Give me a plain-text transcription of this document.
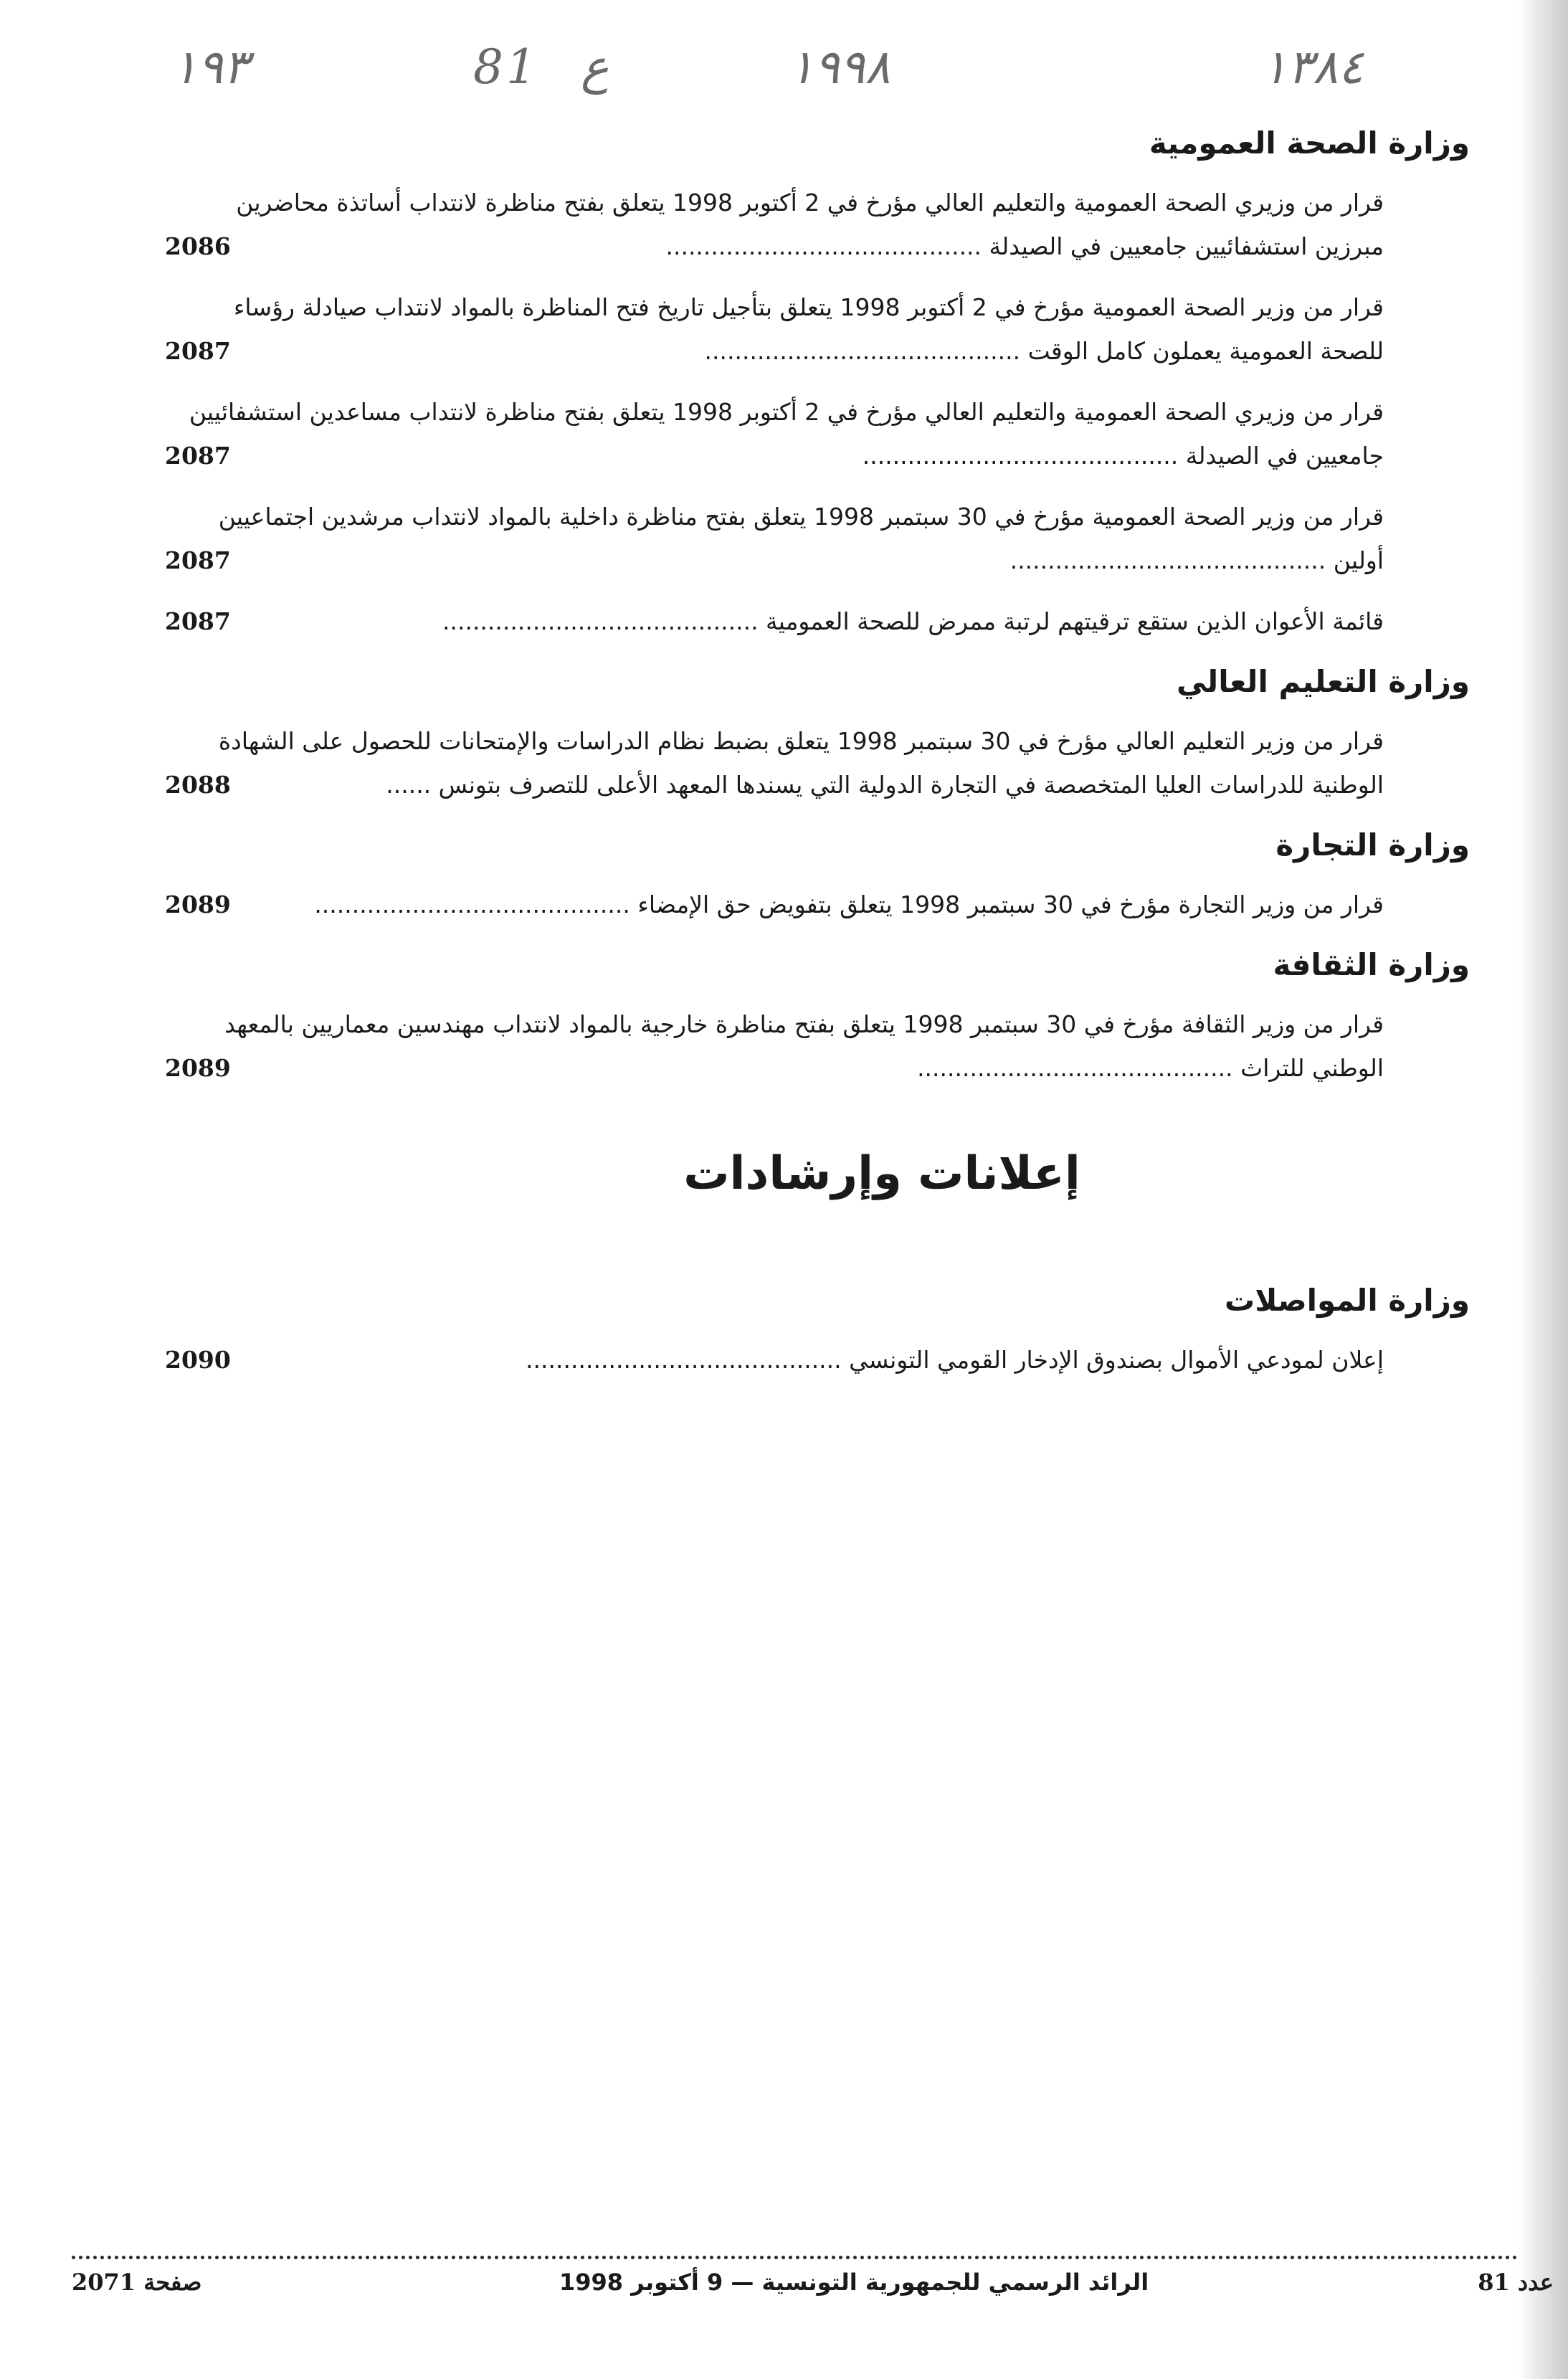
١٩٣	81 ع	١٩٩٨	١٣٨٤
وزارة الصحة العمومية
قرار من وزيري الصحة العمومية والتعليم العالي مؤرخ في 2 أكتوبر 1998 يتعلق بفتح مناظرة لانتداب أساتذة محاضرين مبرزين استشفائيين جامعيين في الصيدلة ..........................................
2086
قرار من وزير الصحة العمومية مؤرخ في 2 أكتوبر 1998 يتعلق بتأجيل تاريخ فتح المناظرة بالمواد لانتداب صيادلة رؤساء للصحة العمومية يعملون كامل الوقت ..........................................
2087
قرار من وزيري الصحة العمومية والتعليم العالي مؤرخ في 2 أكتوبر 1998 يتعلق بفتح مناظرة لانتداب مساعدين استشفائيين جامعيين في الصيدلة ..........................................
2087
قرار من وزير الصحة العمومية مؤرخ في 30 سبتمبر 1998 يتعلق بفتح مناظرة داخلية بالمواد لانتداب مرشدين اجتماعيين أولين ..........................................
2087
قائمة الأعوان الذين ستقع ترقيتهم لرتبة ممرض للصحة العمومية ..........................................
2087
وزارة التعليم العالي
قرار من وزير التعليم العالي مؤرخ في 30 سبتمبر 1998 يتعلق بضبط نظام الدراسات والإمتحانات للحصول على الشهادة الوطنية للدراسات العليا المتخصصة في التجارة الدولية التي يسندها المعهد الأعلى للتصرف بتونس ......
2088
وزارة التجارة
قرار من وزير التجارة مؤرخ في 30 سبتمبر 1998 يتعلق بتفويض حق الإمضاء ..........................................
2089
وزارة الثقافة
قرار من وزير الثقافة مؤرخ في 30 سبتمبر 1998 يتعلق بفتح مناظرة خارجية بالمواد لانتداب مهندسين معماريين بالمعهد الوطني للتراث ..........................................
2089
إعلانات وإرشادات
وزارة المواصلات
إعلان لمودعي الأموال بصندوق الإدخار القومي التونسي ..........................................
2090
صفحة 2071	الرائد الرسمي للجمهورية التونسية — 9 أكتوبر 1998	عدد 81
